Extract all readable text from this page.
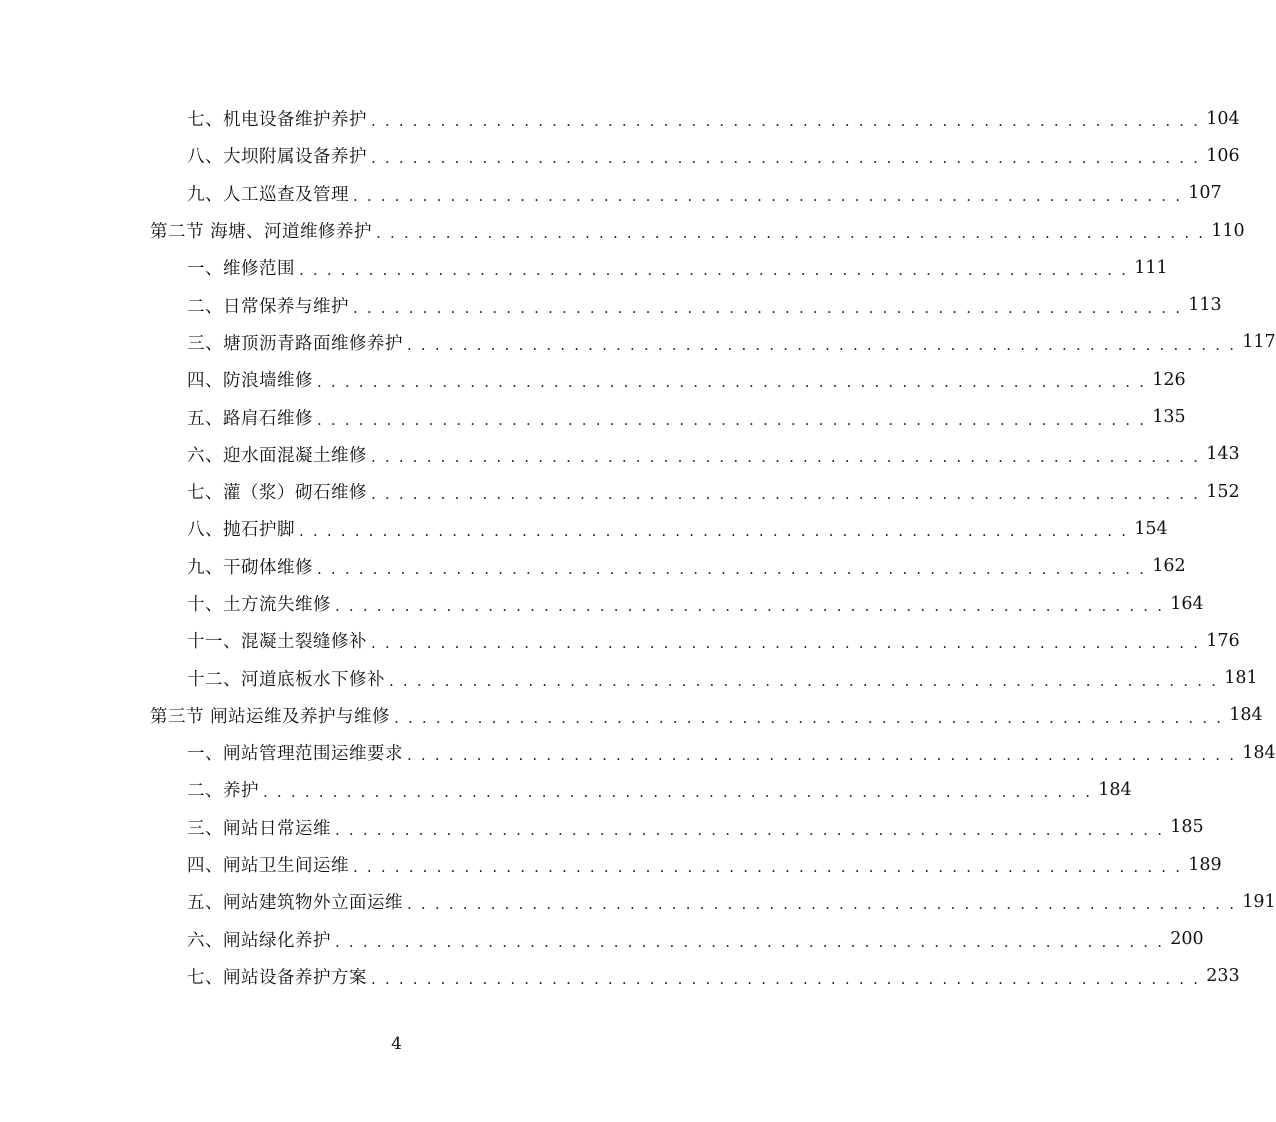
七、机电设备维护养护 . . . . . . . . . . . . . . . . . . . . . . . . . . . . . . . . . . . . . . . . . . . . . . . . . . . . . . . . . . . . 104
八、大坝附属设备养护 . . . . . . . . . . . . . . . . . . . . . . . . . . . . . . . . . . . . . . . . . . . . . . . . . . . . . . . . . . . . 106
九、人工巡查及管理 . . . . . . . . . . . . . . . . . . . . . . . . . . . . . . . . . . . . . . . . . . . . . . . . . . . . . . . . . . . . 107
第二节 海塘、河道维修养护 . . . . . . . . . . . . . . . . . . . . . . . . . . . . . . . . . . . . . . . . . . . . . . . . . . . . . . . . . . . . 110
一、维修范围 . . . . . . . . . . . . . . . . . . . . . . . . . . . . . . . . . . . . . . . . . . . . . . . . . . . . . . . . . . . . 111
二、日常保养与维护 . . . . . . . . . . . . . . . . . . . . . . . . . . . . . . . . . . . . . . . . . . . . . . . . . . . . . . . . . . . . 113
三、塘顶沥青路面维修养护 . . . . . . . . . . . . . . . . . . . . . . . . . . . . . . . . . . . . . . . . . . . . . . . . . . . . . . . . . . . . 117
四、防浪墙维修 . . . . . . . . . . . . . . . . . . . . . . . . . . . . . . . . . . . . . . . . . . . . . . . . . . . . . . . . . . . . 126
五、路肩石维修 . . . . . . . . . . . . . . . . . . . . . . . . . . . . . . . . . . . . . . . . . . . . . . . . . . . . . . . . . . . . 135
六、迎水面混凝土维修 . . . . . . . . . . . . . . . . . . . . . . . . . . . . . . . . . . . . . . . . . . . . . . . . . . . . . . . . . . . . 143
七、灌（浆）砌石维修 . . . . . . . . . . . . . . . . . . . . . . . . . . . . . . . . . . . . . . . . . . . . . . . . . . . . . . . . . . . . 152
八、抛石护脚 . . . . . . . . . . . . . . . . . . . . . . . . . . . . . . . . . . . . . . . . . . . . . . . . . . . . . . . . . . . . 154
九、干砌体维修 . . . . . . . . . . . . . . . . . . . . . . . . . . . . . . . . . . . . . . . . . . . . . . . . . . . . . . . . . . . . 162
十、土方流失维修 . . . . . . . . . . . . . . . . . . . . . . . . . . . . . . . . . . . . . . . . . . . . . . . . . . . . . . . . . . . . 164
十一、混凝土裂缝修补 . . . . . . . . . . . . . . . . . . . . . . . . . . . . . . . . . . . . . . . . . . . . . . . . . . . . . . . . . . . . 176
十二、河道底板水下修补 . . . . . . . . . . . . . . . . . . . . . . . . . . . . . . . . . . . . . . . . . . . . . . . . . . . . . . . . . . . . 181
第三节 闸站运维及养护与维修 . . . . . . . . . . . . . . . . . . . . . . . . . . . . . . . . . . . . . . . . . . . . . . . . . . . . . . . . . . . . 184
一、闸站管理范围运维要求 . . . . . . . . . . . . . . . . . . . . . . . . . . . . . . . . . . . . . . . . . . . . . . . . . . . . . . . . . . . . 184
二、养护 . . . . . . . . . . . . . . . . . . . . . . . . . . . . . . . . . . . . . . . . . . . . . . . . . . . . . . . . . . . . 184
三、闸站日常运维 . . . . . . . . . . . . . . . . . . . . . . . . . . . . . . . . . . . . . . . . . . . . . . . . . . . . . . . . . . . . 185
四、闸站卫生间运维 . . . . . . . . . . . . . . . . . . . . . . . . . . . . . . . . . . . . . . . . . . . . . . . . . . . . . . . . . . . . 189
五、闸站建筑物外立面运维 . . . . . . . . . . . . . . . . . . . . . . . . . . . . . . . . . . . . . . . . . . . . . . . . . . . . . . . . . . . . 191
六、闸站绿化养护 . . . . . . . . . . . . . . . . . . . . . . . . . . . . . . . . . . . . . . . . . . . . . . . . . . . . . . . . . . . . 200
七、闸站设备养护方案 . . . . . . . . . . . . . . . . . . . . . . . . . . . . . . . . . . . . . . . . . . . . . . . . . . . . . . . . . . . . 233
4
